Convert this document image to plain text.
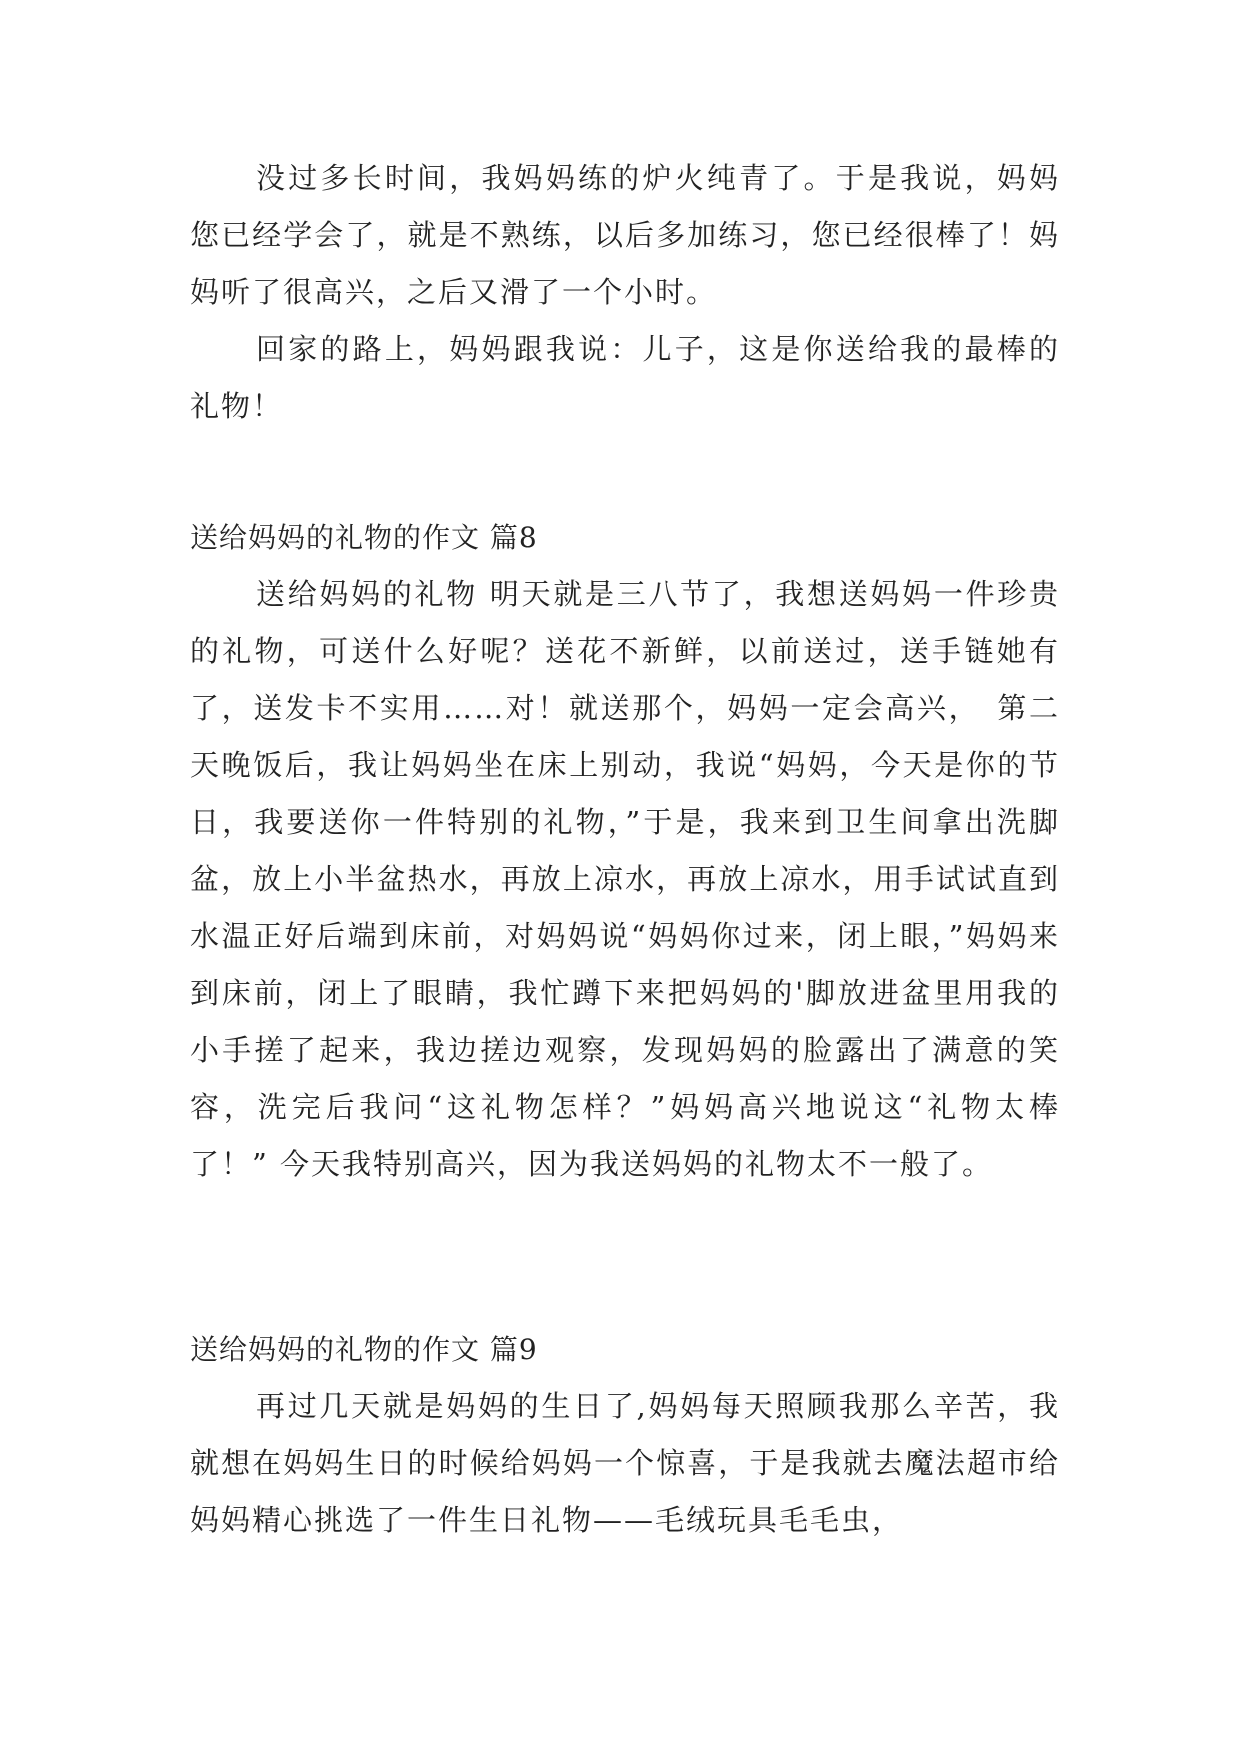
没过多长时间，我妈妈练的炉火纯青了。于是我说，妈妈您已经学会了，就是不熟练，以后多加练习，您已经很棒了！妈妈听了很高兴，之后又滑了一个小时。

回家的路上，妈妈跟我说：儿子，这是你送给我的最棒的礼物！

送给妈妈的礼物的作文 篇8

送给妈妈的礼物 明天就是三八节了，我想送妈妈一件珍贵的礼物，可送什么好呢？送花不新鲜，以前送过，送手链她有了，送发卡不实用……对！就送那个，妈妈一定会高兴，　第二天晚饭后，我让妈妈坐在床上别动，我说“妈妈，今天是你的节日，我要送你一件特别的礼物，”于是，我来到卫生间拿出洗脚盆，放上小半盆热水，再放上凉水，再放上凉水，用手试试直到水温正好后端到床前，对妈妈说“妈妈你过来，闭上眼，”妈妈来到床前，闭上了眼睛，我忙蹲下来把妈妈的'脚放进盆里用我的小手搓了起来，我边搓边观察，发现妈妈的脸露出了满意的笑容，洗完后我问“这礼物怎样？”妈妈高兴地说这“礼物太棒了！” 今天我特别高兴，因为我送妈妈的礼物太不一般了。

送给妈妈的礼物的作文 篇9

再过几天就是妈妈的生日了,妈妈每天照顾我那么辛苦，我就想在妈妈生日的时候给妈妈一个惊喜，于是我就去魔法超市给妈妈精心挑选了一件生日礼物——毛绒玩具毛毛虫，
